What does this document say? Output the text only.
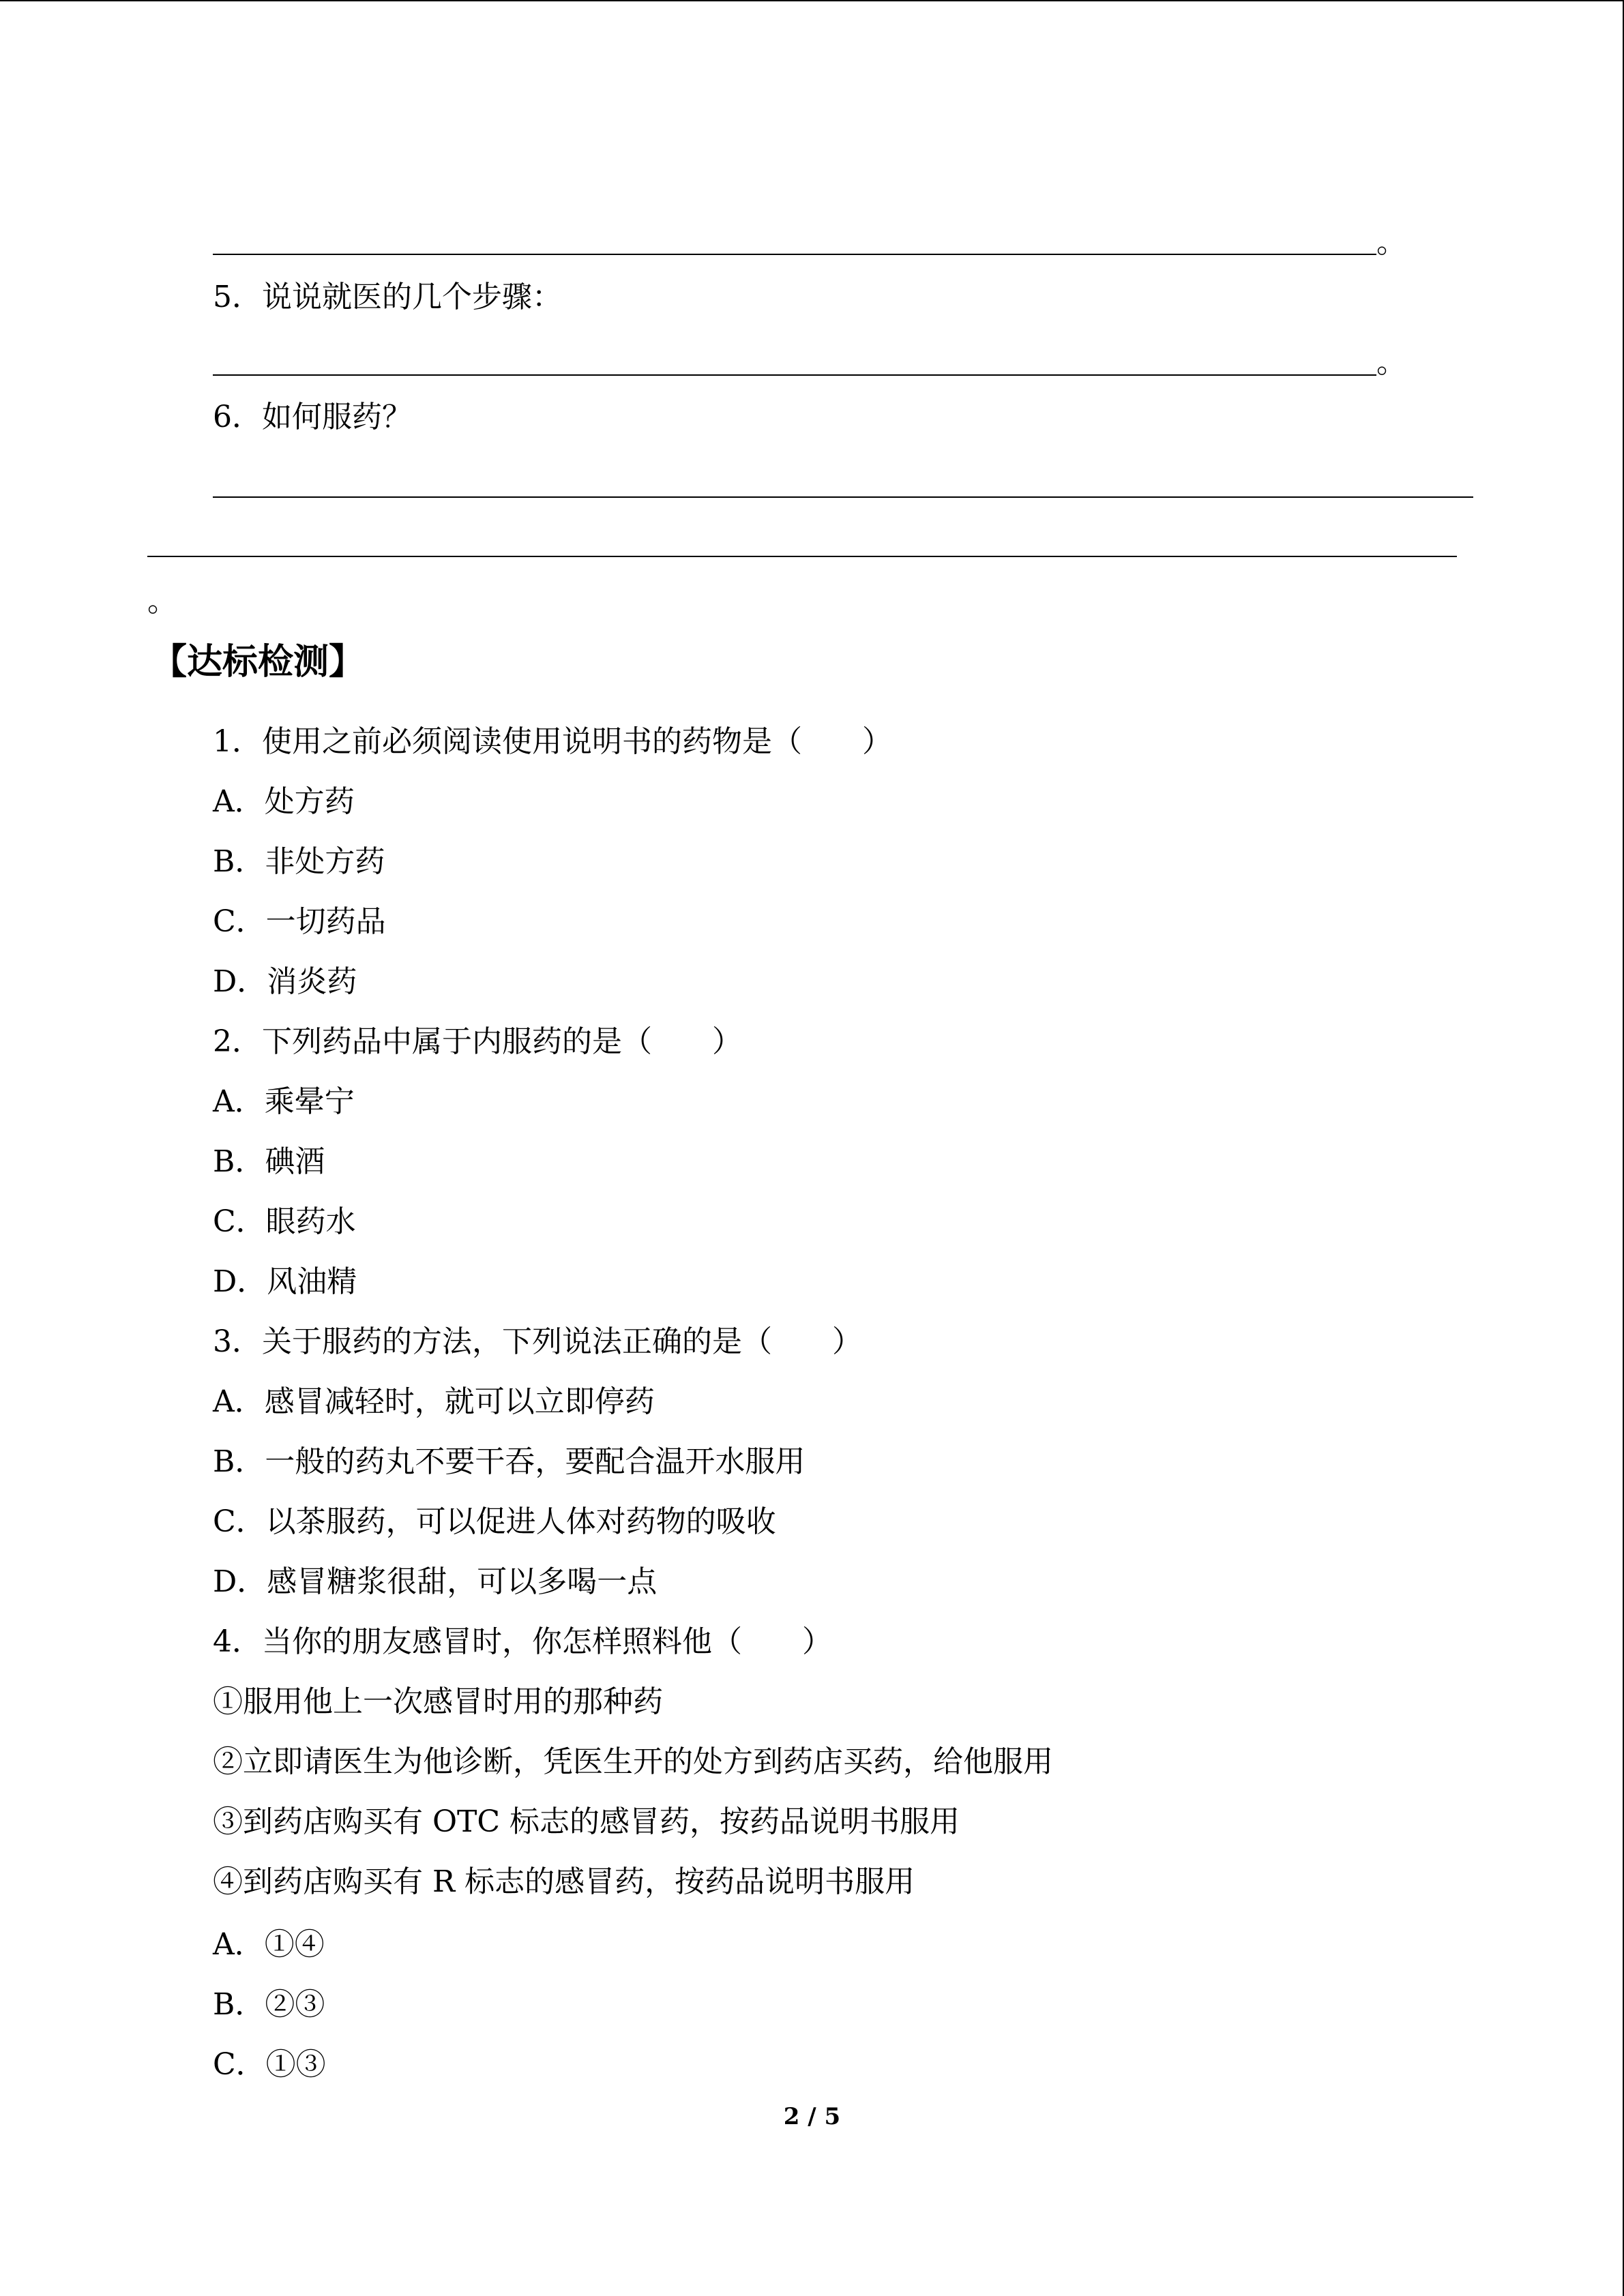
。
5．说说就医的几个步骤：
。
6．如何服药？
。
【达标检测】
1．使用之前必须阅读使用说明书的药物是（　　）
A．处方药
B．非处方药
C．一切药品
D．消炎药
2．下列药品中属于内服药的是（　　）
A．乘晕宁
B．碘酒
C．眼药水
D．风油精
3．关于服药的方法，下列说法正确的是（　　）
A．感冒减轻时，就可以立即停药
B．一般的药丸不要干吞，要配合温开水服用
C．以茶服药，可以促进人体对药物的吸收
D．感冒糖浆很甜，可以多喝一点
4．当你的朋友感冒时，你怎样照料他（　　）
①服用他上一次感冒时用的那种药
②立即请医生为他诊断，凭医生开的处方到药店买药，给他服用
③到药店购买有 OTC 标志的感冒药，按药品说明书服用
④到药店购买有 R 标志的感冒药，按药品说明书服用
A．①④
B．②③
C．①③
2 / 5
